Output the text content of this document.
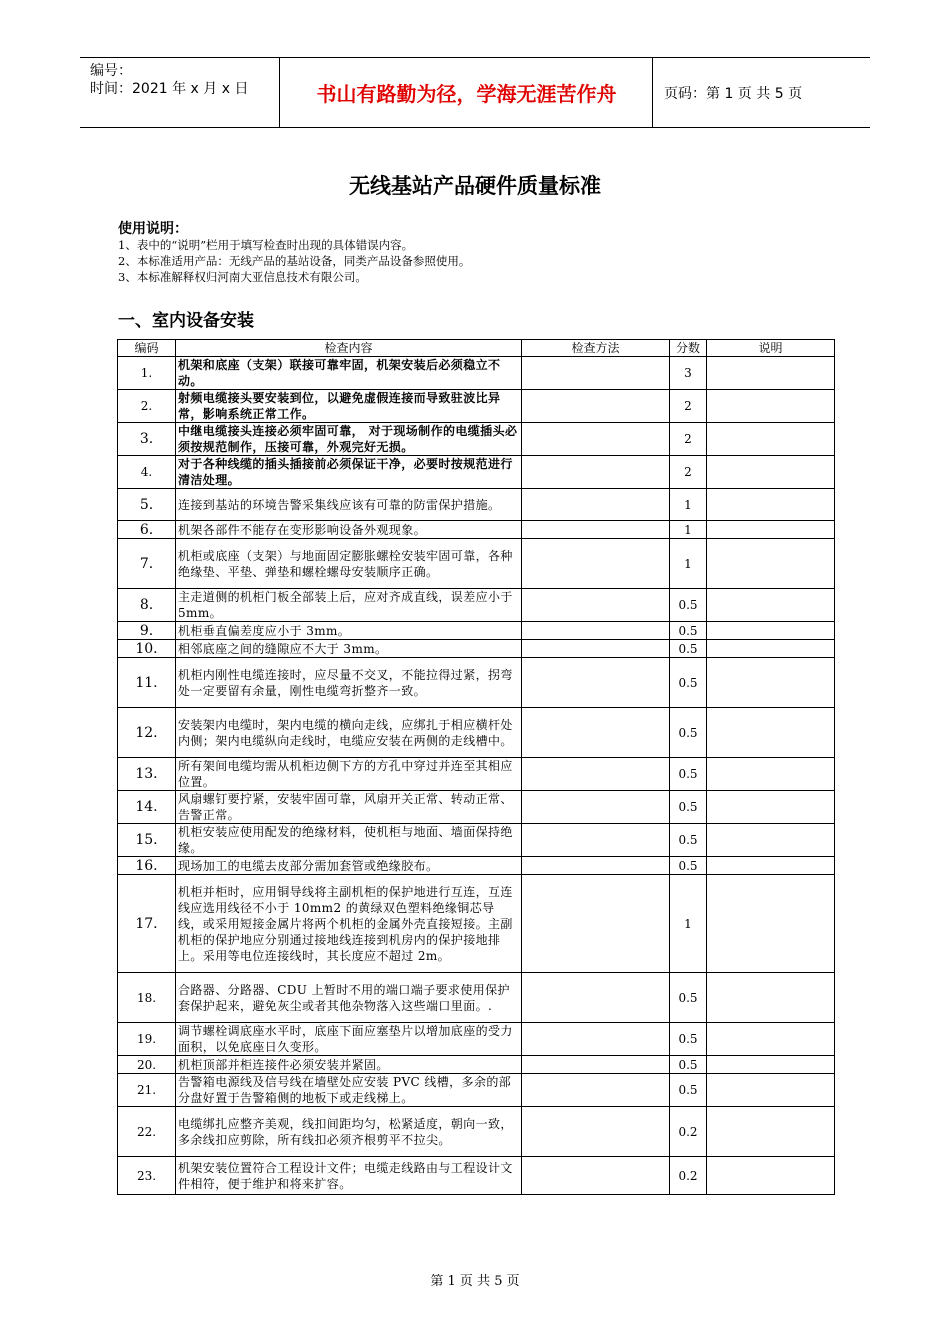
编号：
时间：2021 年 x 月 x 日	书山有路勤为径，学海无涯苦作舟	页码：第 1 页 共 5 页
无线基站产品硬件质量标准
使用说明：
1、表中的“说明”栏用于填写检查时出现的具体错误内容。
2、本标准适用产品：无线产品的基站设备，同类产品设备参照使用。
3、本标准解释权归河南大亚信息技术有限公司。
一、室内设备安装
编码	检查内容	检查方法	分数	说明
1.	机架和底座（支架）联接可靠牢固，机架安装后必须稳立不动。		3	
2.	射频电缆接头要安装到位，以避免虚假连接而导致驻波比异常，影响系统正常工作。		2	
3.	中继电缆接头连接必须牢固可靠， 对于现场制作的电缆插头必须按规范制作，压接可靠，外观完好无损。		2	
4.	对于各种线缆的插头插接前必须保证干净，必要时按规范进行清洁处理。		2	
5.	连接到基站的环境告警采集线应该有可靠的防雷保护措施。		1	
6.	机架各部件不能存在变形影响设备外观现象。		1	
7.	机柜或底座（支架）与地面固定膨胀螺栓安装牢固可靠，各种绝缘垫、平垫、弹垫和螺栓螺母安装顺序正确。		1	
8.	主走道侧的机柜门板全部装上后，应对齐成直线，误差应小于 5mm。		0.5	
9.	机柜垂直偏差度应小于 3mm。		0.5	
10.	相邻底座之间的缝隙应不大于 3mm。		0.5	
11.	机柜内刚性电缆连接时，应尽量不交叉，不能拉得过紧，拐弯处一定要留有余量，刚性电缆弯折整齐一致。		0.5	
12.	安装架内电缆时，架内电缆的横向走线，应绑扎于相应横杆处内侧；架内电缆纵向走线时，电缆应安装在两侧的走线槽中。		0.5	
13.	所有架间电缆均需从机柜边侧下方的方孔中穿过并连至其相应位置。		0.5	
14.	风扇螺钉要拧紧，安装牢固可靠，风扇开关正常、转动正常、告警正常。		0.5	
15.	机柜安装应使用配发的绝缘材料，使机柜与地面、墙面保持绝缘。		0.5	
16.	现场加工的电缆去皮部分需加套管或绝缘胶布。		0.5	
17.	机柜并柜时，应用铜导线将主副机柜的保护地进行互连，互连线应选用线径不小于 10mm2 的黄绿双色塑料绝缘铜芯导线，或采用短接金属片将两个机柜的金属外壳直接短接。主副机柜的保护地应分别通过接地线连接到机房内的保护接地排上。采用等电位连接线时，其长度应不超过 2m。		1	
18.	合路器、分路器、CDU 上暂时不用的端口端子要求使用保护套保护起来，避免灰尘或者其他杂物落入这些端口里面。.		0.5	
19.	调节螺栓调底座水平时，底座下面应塞垫片以增加底座的受力面积，以免底座日久变形。		0.5	
20.	机柜顶部并柜连接件必须安装并紧固。		0.5	
21.	告警箱电源线及信号线在墙壁处应安装 PVC 线槽，多余的部分盘好置于告警箱侧的地板下或走线梯上。		0.5	
22.	电缆绑扎应整齐美观，线扣间距均匀，松紧适度，朝向一致，多余线扣应剪除，所有线扣必须齐根剪平不拉尖。		0.2	
23.	机架安装位置符合工程设计文件；电缆走线路由与工程设计文件相符，便于维护和将来扩容。		0.2	
第 1 页 共 5 页
